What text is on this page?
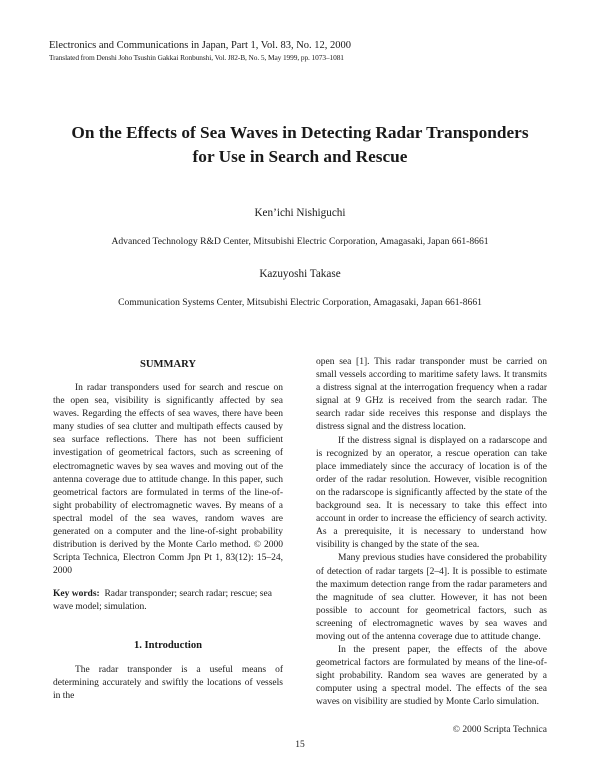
Electronics and Communications in Japan, Part 1, Vol. 83, No. 12, 2000
Translated from Denshi Joho Tsushin Gakkai Ronbunshi, Vol. J82-B, No. 5, May 1999, pp. 1073–1081
On the Effects of Sea Waves in Detecting Radar Transponders
for Use in Search and Rescue
Ken’ichi Nishiguchi
Advanced Technology R&D Center, Mitsubishi Electric Corporation, Amagasaki, Japan 661-8661
Kazuyoshi Takase
Communication Systems Center, Mitsubishi Electric Corporation, Amagasaki, Japan 661-8661
SUMMARY

In radar transponders used for search and rescue on the open sea, visibility is significantly affected by sea waves. Regarding the effects of sea waves, there have been many studies of sea clutter and multipath effects caused by sea surface reflections. There has not been sufficient investigation of geometrical factors, such as screening of electromagnetic waves by sea waves and moving out of the antenna coverage due to attitude change. In this paper, such geometrical factors are formulated in terms of the line-of-sight probability of electromagnetic waves. By means of a spectral model of the sea waves, random waves are generated on a computer and the line-of-sight probability distribution is derived by the Monte Carlo method. © 2000 Scripta Technica, Electron Comm Jpn Pt 1, 83(12): 15–24, 2000

Key words: Radar transponder; search radar; rescue; sea wave model; simulation.
1. Introduction

The radar transponder is a useful means of determining accurately and swiftly the locations of vessels in the

open sea [1]. This radar transponder must be carried on small vessels according to maritime safety laws. It transmits a distress signal at the interrogation frequency when a radar signal at 9 GHz is received from the search radar. The search radar side receives this response and displays the distress signal and the distress location.

If the distress signal is displayed on a radarscope and is recognized by an operator, a rescue operation can take place immediately since the accuracy of location is of the order of the radar resolution. However, visible recognition on the radarscope is significantly affected by the state of the background sea. It is necessary to take this effect into account in order to increase the efficiency of search activity. As a prerequisite, it is necessary to understand how visibility is changed by the state of the sea.

Many previous studies have considered the probability of detection of radar targets [2–4]. It is possible to estimate the maximum detection range from the radar parameters and the magnitude of sea clutter. However, it has not been possible to account for geometrical factors, such as screening of electromagnetic waves by sea waves and moving out of the antenna coverage due to attitude change.

In the present paper, the effects of the above geometrical factors are formulated by means of the line-of-sight probability. Random sea waves are generated by a computer using a spectral model. The effects of the sea waves on visibility are studied by Monte Carlo simulation.

© 2000 Scripta Technica
15
